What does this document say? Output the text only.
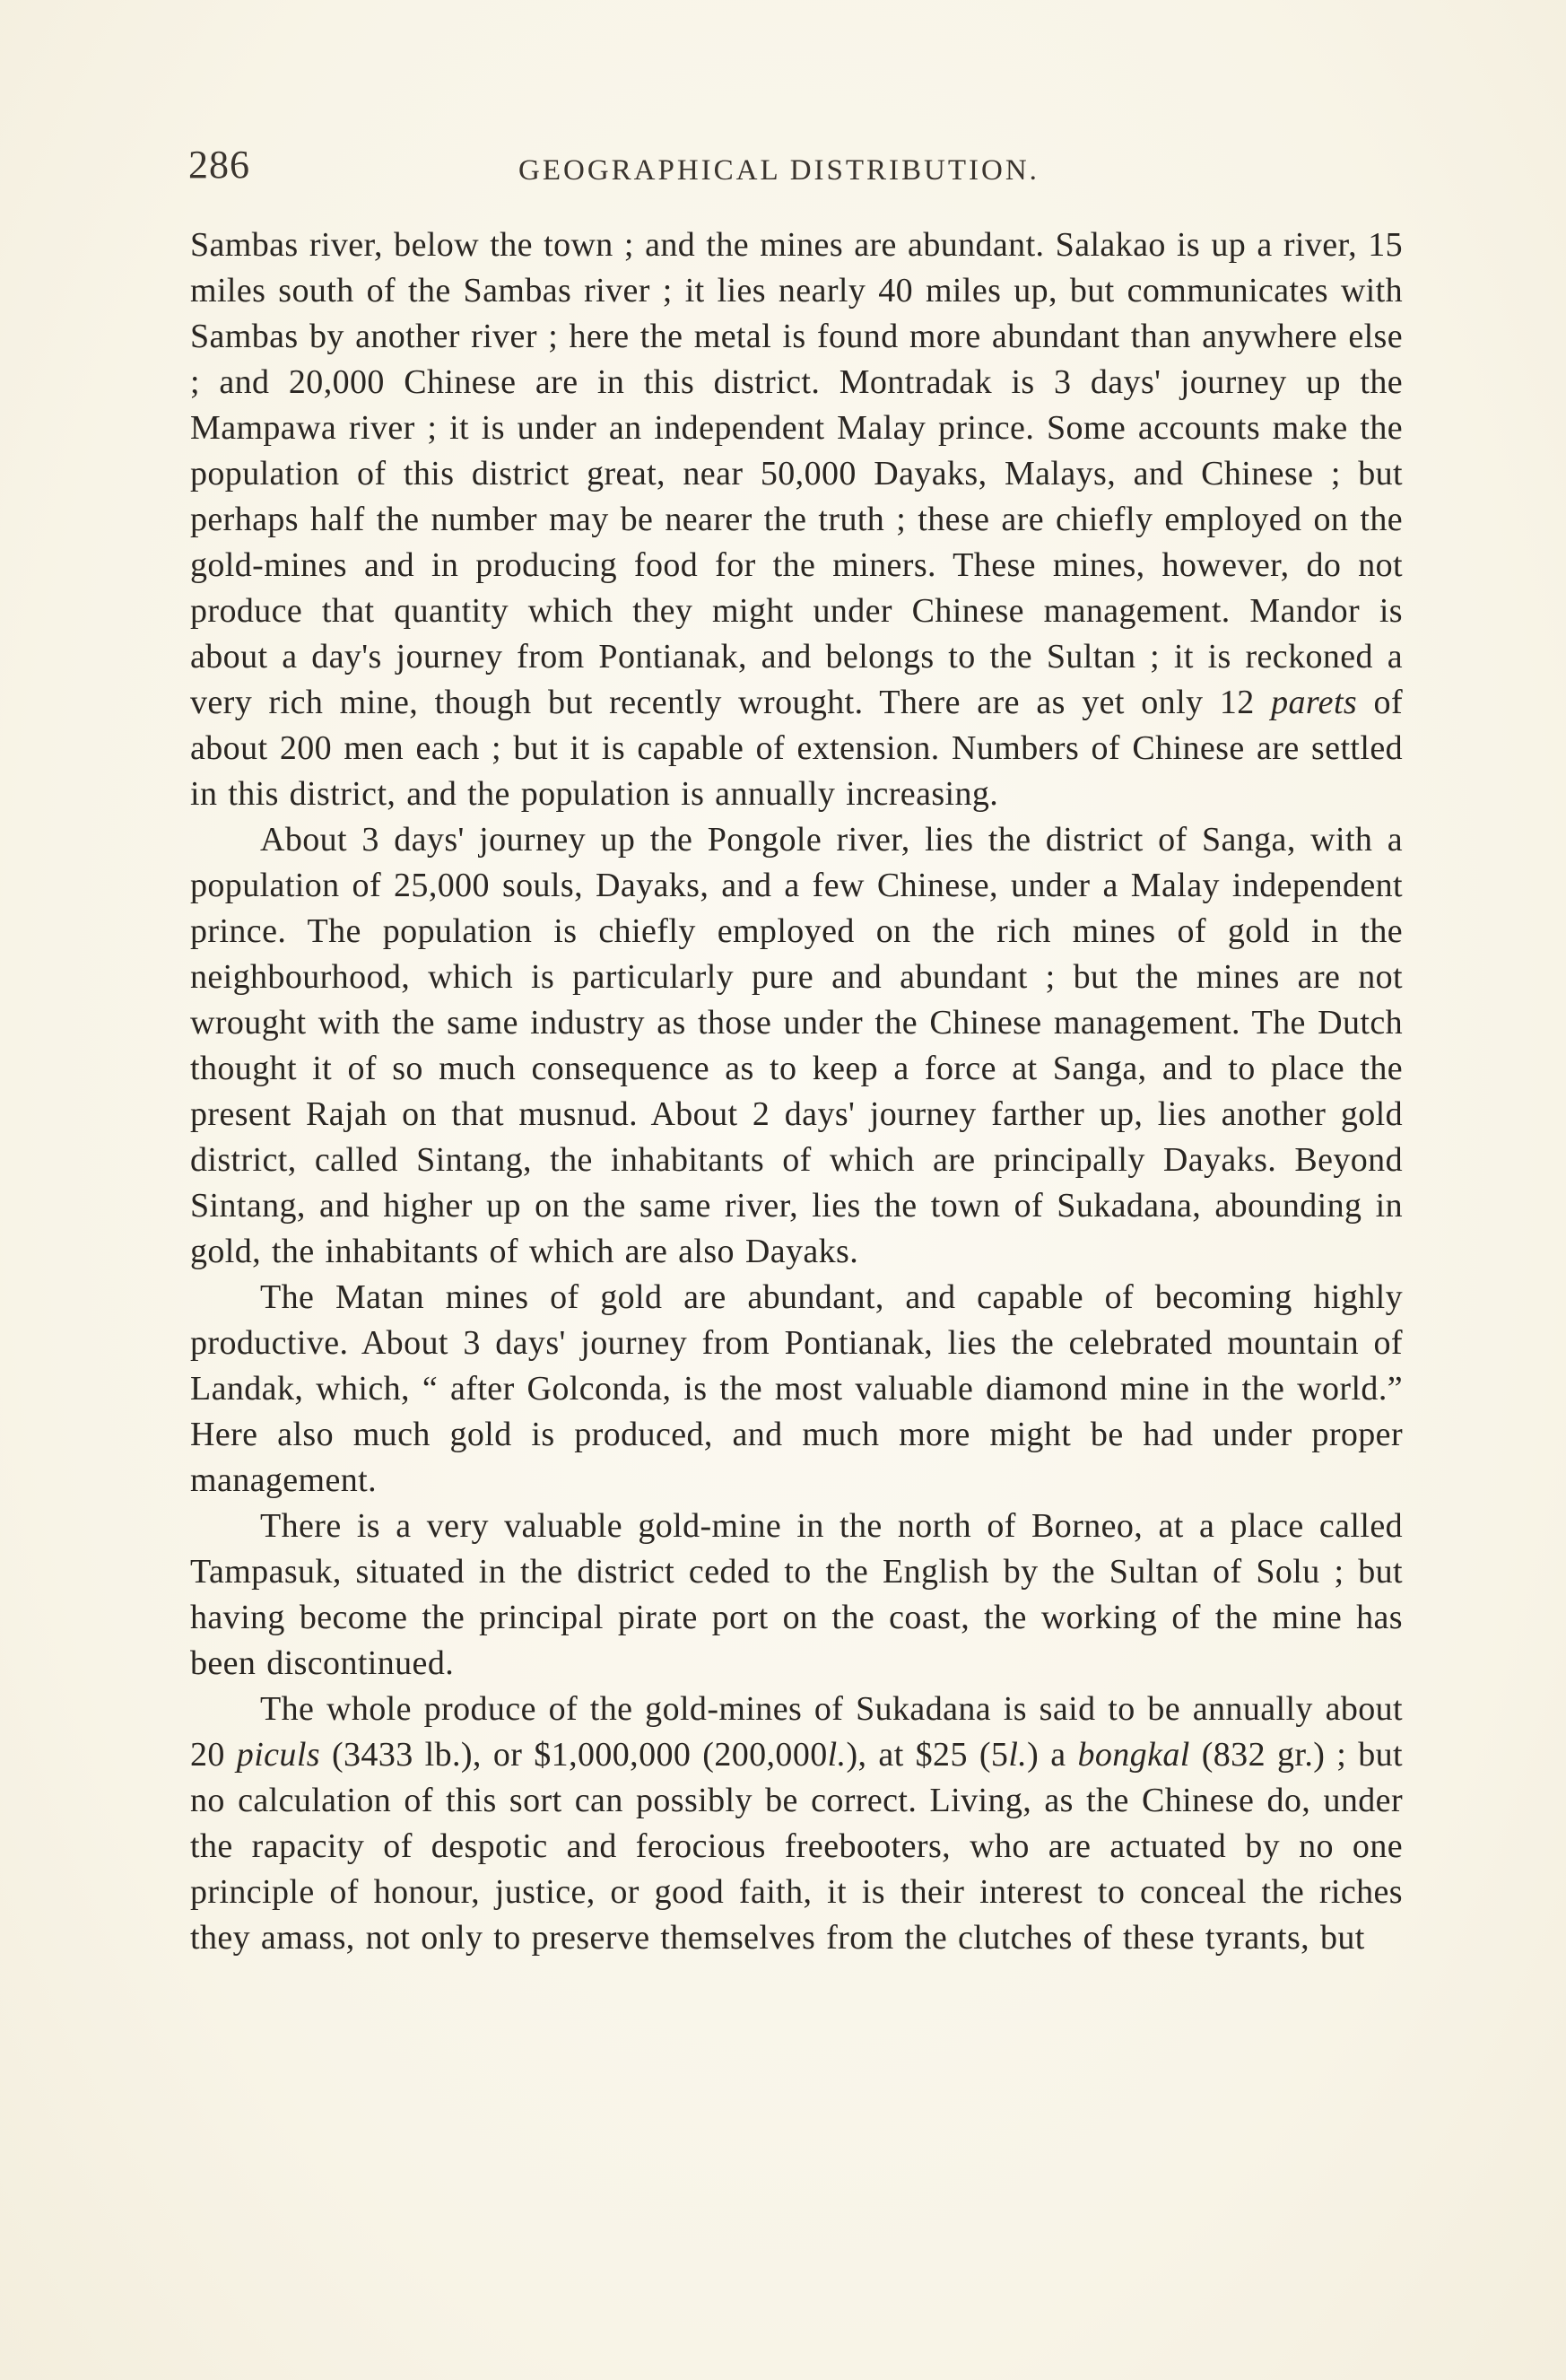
286	GEOGRAPHICAL DISTRIBUTION.

Sambas river, below the town ; and the mines are abundant. Salakao is up a river, 15 miles south of the Sambas river ; it lies nearly 40 miles up, but communicates with Sambas by another river ; here the metal is found more abundant than anywhere else ; and 20,000 Chinese are in this district. Montradak is 3 days' journey up the Mampawa river ; it is under an independent Malay prince. Some accounts make the population of this district great, near 50,000 Dayaks, Malays, and Chinese ; but perhaps half the number may be nearer the truth ; these are chiefly employed on the gold-mines and in producing food for the miners. These mines, however, do not produce that quantity which they might under Chinese management. Mandor is about a day's journey from Pontianak, and belongs to the Sultan ; it is reckoned a very rich mine, though but recently wrought. There are as yet only 12 parets of about 200 men each ; but it is capable of extension. Numbers of Chinese are settled in this district, and the population is annually increasing.

About 3 days' journey up the Pongole river, lies the district of Sanga, with a population of 25,000 souls, Dayaks, and a few Chinese, under a Malay independent prince. The population is chiefly employed on the rich mines of gold in the neighbourhood, which is particularly pure and abundant ; but the mines are not wrought with the same industry as those under the Chinese management. The Dutch thought it of so much consequence as to keep a force at Sanga, and to place the present Rajah on that musnud. About 2 days' journey farther up, lies another gold district, called Sintang, the inhabitants of which are principally Dayaks. Beyond Sintang, and higher up on the same river, lies the town of Sukadana, abounding in gold, the inhabitants of which are also Dayaks.

The Matan mines of gold are abundant, and capable of becoming highly productive. About 3 days' journey from Pontianak, lies the celebrated mountain of Landak, which, “ after Golconda, is the most valuable diamond mine in the world.” Here also much gold is produced, and much more might be had under proper management.

There is a very valuable gold-mine in the north of Borneo, at a place called Tampasuk, situated in the district ceded to the English by the Sultan of Solu ; but having become the principal pirate port on the coast, the working of the mine has been discontinued.

The whole produce of the gold-mines of Sukadana is said to be annually about 20 piculs (3433 lb.), or $1,000,000 (200,000l.), at $25 (5l.) a bongkal (832 gr.) ; but no calculation of this sort can possibly be correct. Living, as the Chinese do, under the rapacity of despotic and ferocious freebooters, who are actuated by no one principle of honour, justice, or good faith, it is their interest to conceal the riches they amass, not only to preserve themselves from the clutches of these tyrants, but
